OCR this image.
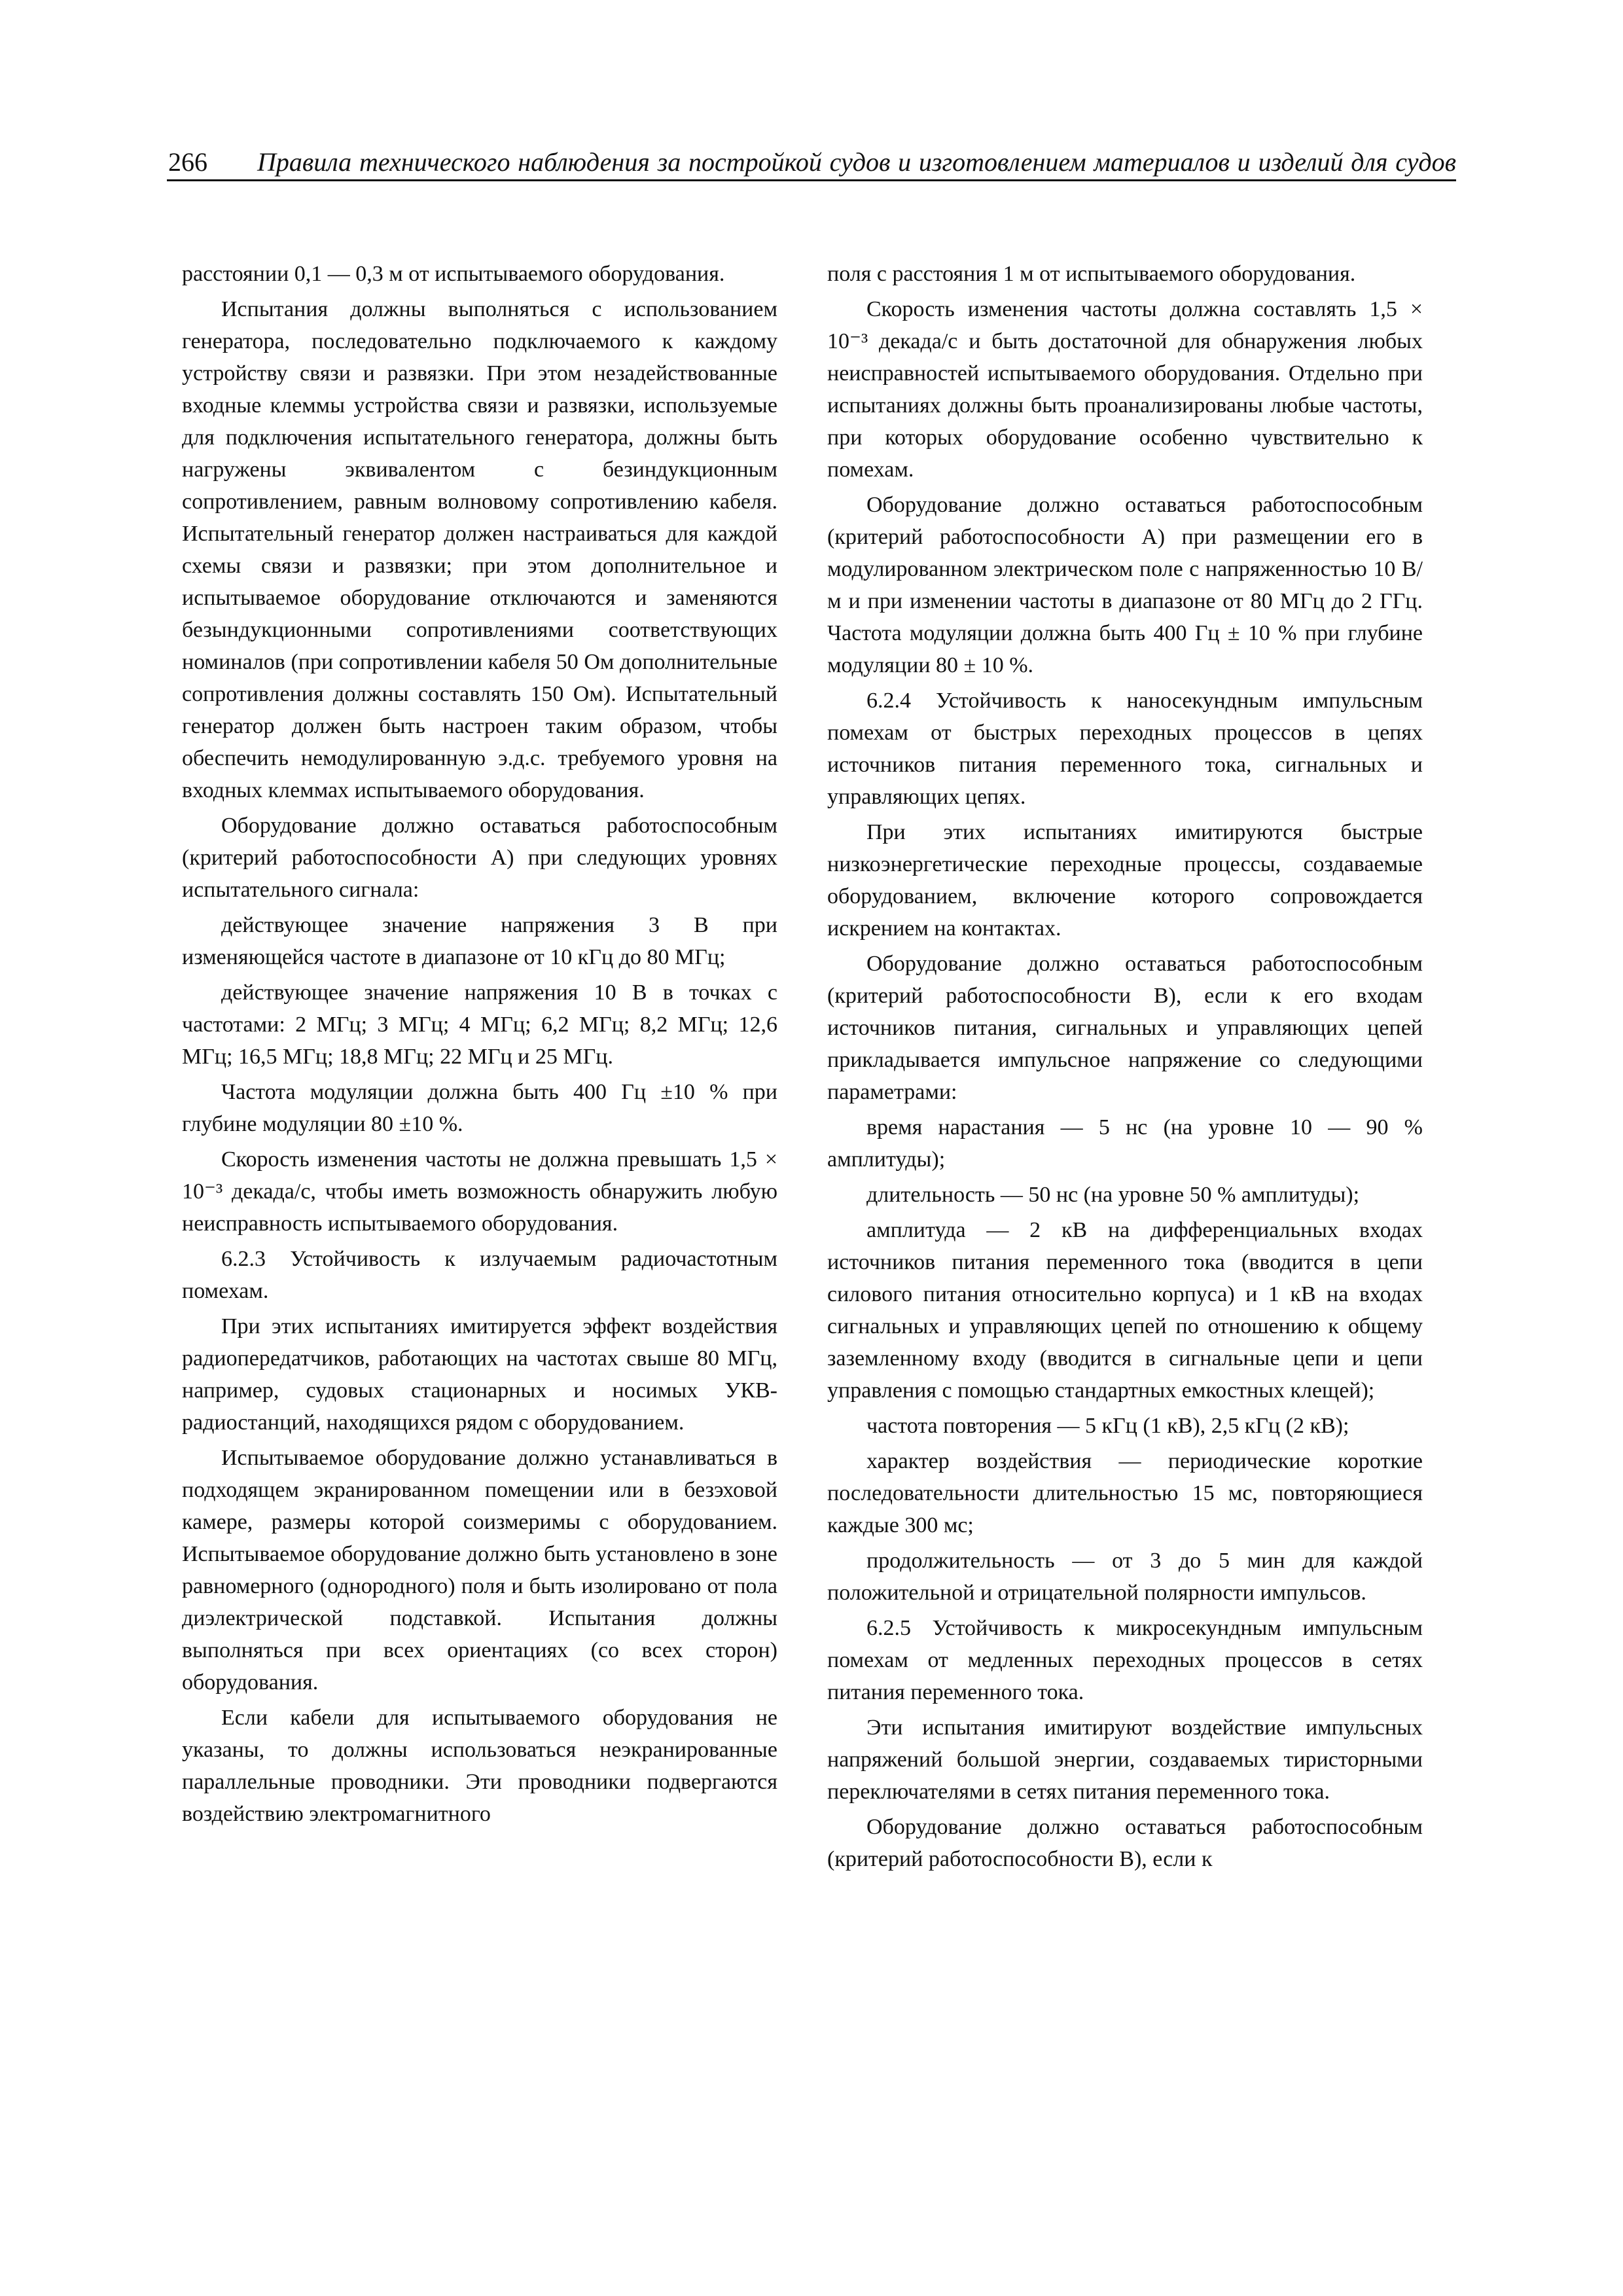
266 Правила технического наблюдения за постройкой судов и изготовлением материалов и изделий для судов

расстоянии 0,1 — 0,3 м от испытываемого оборудования.

Испытания должны выполняться с использованием генератора, последовательно подключаемого к каждому устройству связи и развязки. При этом незадействованные входные клеммы устройства связи и развязки, используемые для подключения испытательного генератора, должны быть нагружены эквивалентом с безиндукционным сопротивлением, равным волновому сопротивлению кабеля. Испытательный генератор должен настраиваться для каждой схемы связи и развязки; при этом дополнительное и испытываемое оборудование отключаются и заменяются безындукционными сопротивлениями соответствующих номиналов (при сопротивлении кабеля 50 Ом дополнительные сопротивления должны составлять 150 Ом). Испытательный генератор должен быть настроен таким образом, чтобы обеспечить немодулированную э.д.с. требуемого уровня на входных клеммах испытываемого оборудования.

Оборудование должно оставаться работоспособным (критерий работоспособности А) при следующих уровнях испытательного сигнала:

действующее значение напряжения 3 В при изменяющейся частоте в диапазоне от 10 кГц до 80 МГц;

действующее значение напряжения 10 В в точках с частотами: 2 МГц; 3 МГц; 4 МГц; 6,2 МГц; 8,2 МГц; 12,6 МГц; 16,5 МГц; 18,8 МГц; 22 МГц и 25 МГц.

Частота модуляции должна быть 400 Гц ±10 % при глубине модуляции 80 ±10 %.

Скорость изменения частоты не должна превышать 1,5 × 10⁻³ декада/с, чтобы иметь возможность обнаружить любую неисправность испытываемого оборудования.

6.2.3 Устойчивость к излучаемым радиочастотным помехам.

При этих испытаниях имитируется эффект воздействия радиопередатчиков, работающих на частотах свыше 80 МГц, например, судовых стационарных и носимых УКВ-радиостанций, находящихся рядом с оборудованием.

Испытываемое оборудование должно устанавливаться в подходящем экранированном помещении или в безэховой камере, размеры которой соизмеримы с оборудованием. Испытываемое оборудование должно быть установлено в зоне равномерного (однородного) поля и быть изолировано от пола диэлектрической подставкой. Испытания должны выполняться при всех ориентациях (со всех сторон) оборудования.

Если кабели для испытываемого оборудования не указаны, то должны использоваться неэкранированные параллельные проводники. Эти проводники подвергаются воздействию электромагнитного

поля с расстояния 1 м от испытываемого оборудования.

Скорость изменения частоты должна составлять 1,5 × 10⁻³ декада/с и быть достаточной для обнаружения любых неисправностей испытываемого оборудования. Отдельно при испытаниях должны быть проанализированы любые частоты, при которых оборудование особенно чувствительно к помехам.

Оборудование должно оставаться работоспособным (критерий работоспособности А) при размещении его в модулированном электрическом поле с напряженностью 10 В/м и при изменении частоты в диапазоне от 80 МГц до 2 ГГц. Частота модуляции должна быть 400 Гц ± 10 % при глубине модуляции 80 ± 10 %.

6.2.4 Устойчивость к наносекундным импульсным помехам от быстрых переходных процессов в цепях источников питания переменного тока, сигнальных и управляющих цепях.

При этих испытаниях имитируются быстрые низкоэнергетические переходные процессы, создаваемые оборудованием, включение которого сопровождается искрением на контактах.

Оборудование должно оставаться работоспособным (критерий работоспособности В), если к его входам источников питания, сигнальных и управляющих цепей прикладывается импульсное напряжение со следующими параметрами:

время нарастания — 5 нс (на уровне 10 — 90 % амплитуды);

длительность — 50 нс (на уровне 50 % амплитуды);

амплитуда — 2 кВ на дифференциальных входах источников питания переменного тока (вводится в цепи силового питания относительно корпуса) и 1 кВ на входах сигнальных и управляющих цепей по отношению к общему заземленному входу (вводится в сигнальные цепи и цепи управления с помощью стандартных емкостных клещей);

частота повторения — 5 кГц (1 кВ), 2,5 кГц (2 кВ);

характер воздействия — периодические короткие последовательности длительностью 15 мс, повторяющиеся каждые 300 мс;

продолжительность — от 3 до 5 мин для каждой положительной и отрицательной полярности импульсов.

6.2.5 Устойчивость к микросекундным импульсным помехам от медленных переходных процессов в сетях питания переменного тока.

Эти испытания имитируют воздействие импульсных напряжений большой энергии, создаваемых тиристорными переключателями в сетях питания переменного тока.

Оборудование должно оставаться работоспособным (критерий работоспособности В), если к
